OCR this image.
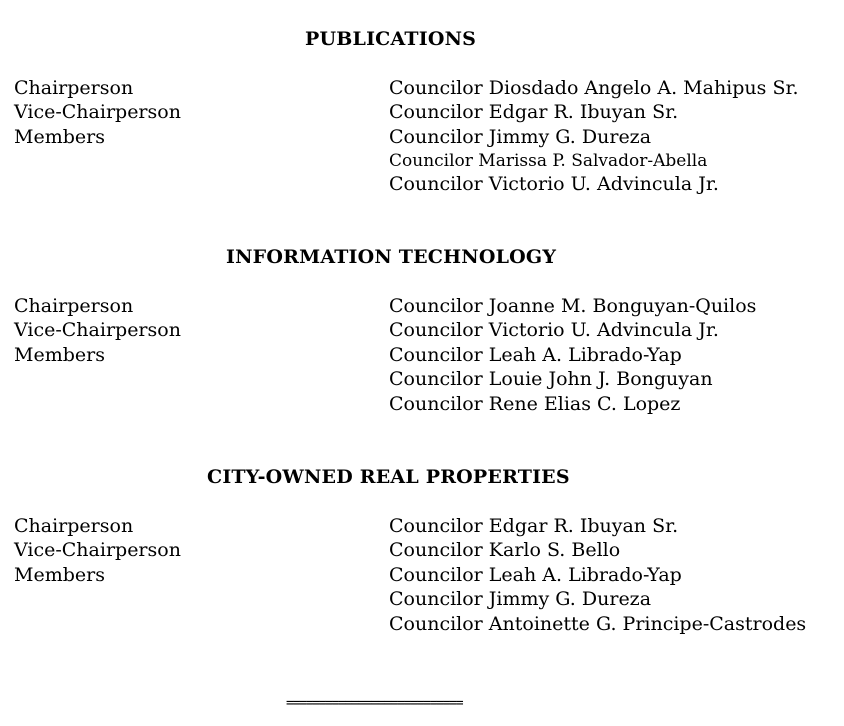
PUBLICATIONS
Chairperson
Vice-Chairperson
Members
Councilor Diosdado Angelo A. Mahipus Sr.
Councilor Edgar R. Ibuyan Sr.
Councilor Jimmy G. Dureza
Councilor Marissa P. Salvador-Abella
Councilor Victorio U. Advincula Jr.
INFORMATION TECHNOLOGY
Chairperson
Vice-Chairperson
Members
Councilor Joanne M. Bonguyan-Quilos
Councilor Victorio U. Advincula Jr.
Councilor Leah A. Librado-Yap
Councilor Louie John J. Bonguyan
Councilor Rene Elias C. Lopez
CITY-OWNED REAL PROPERTIES
Chairperson
Vice-Chairperson
Members
Councilor Edgar R. Ibuyan Sr.
Councilor Karlo S. Bello
Councilor Leah A. Librado-Yap
Councilor Jimmy G. Dureza
Councilor Antoinette G. Principe-Castrodes
===========================
